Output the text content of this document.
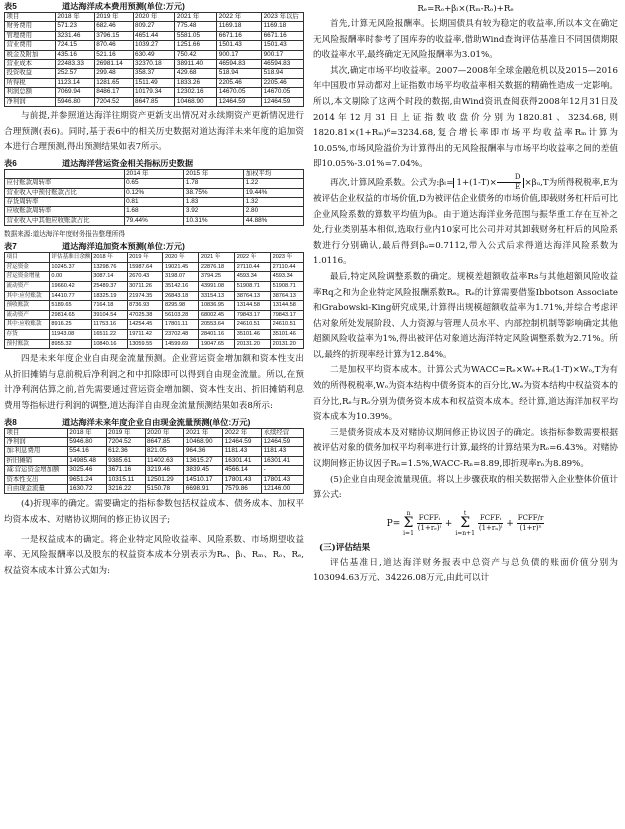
表5	道达海洋成本费用预测(单位:万元)
项目	2018 年	2019 年	2020 年	2021 年	2022 年	2023 年以后
财务费用	571.23	682.46	809.27	775.48	1169.18	1169.18
管理费用	3231.46	3796.15	4651.44	5581.05	6671.16	6671.16
营业费用	724.15	870.46	1039.27	1251.66	1501.43	1501.43
税金及附加	435.16	521.16	630.49	750.42	900.17	900.17
营业成本	22483.33	26981.14	32370.18	38911.40	46594.83	46594.83
投资收益	252.57	299.48	358.37	429.68	518.94	518.94
所得税	1123.14	1281.65	1511.49	1833.26	2205.46	2205.46
利润总额	7069.94	8486.17	10179.34	12302.16	14670.05	14670.05
净利润	5946.80	7204.52	8647.85	10468.90	12464.59	12464.59

与前提,并参照道达海洋往期资产更新支出情况对永续期资产更新情况进行合理预测(表6)。同时,基于表6中的相关历史数据对道达海洋未来年度的追加资本进行合理预测,得出预测结果如表7所示。

表6	道达海洋营运资金相关指标历史数据
	2014 年	2015 年	加权平均
应付账款周转率	0.65	1.78	1.22
营业收入中预付账款占比	0.12%	38.75%	19.44%
存货周转率	0.81	1.83	1.32
应收账款周转率	1.68	3.92	2.80
营业收入中其他应收账款占比	79.44%	10.31%	44.88%

数据来源:道达海洋年度财务报告整理所得

表7	道达海洋追加资本预测(单位:万元)
项目	评估基准日余额	2018 年	2019 年	2020 年	2021 年	2022 年	2023 年
营运资金	10245.37	13298.76	15987.64	19021.45	22876.18	27110.44	27110.44
营运资金增量	0.00	3087.14	2670.43	3198.07	3794.25	4593.34	4593.34
流动资产	19660.42	25489.37	30711.26	35142.16	43991.08	51908.71	51908.71
其中:应付账款	14410.77	18325.19	21974.35	26843.18	33154.13	38764.13	38764.13
预收账款	5189.65	7164.18	8736.93	8295.98	10836.95	13144.58	13144.58
流动资产	29814.65	39104.54	47025.38	56103.28	68002.45	79843.17	79843.17
其中:应收账款	8916.25	11753.16	14254.45	17801.11	20553.64	24610.51	24610.51
存货	11943.08	16511.22	19711.42	23702.48	28401.16	35101.46	35101.46
预付账款	8955.32	10840.16	13059.55	14599.69	19047.65	20131.20	20131.20

四是未来年度企业自由现金流量预测。企业营运资金增加额和资本性支出从折旧摊销与息前税后净利润之和中扣除即可以得到自由现金流量。所以,在预计净利润估算之前,首先需要通过营运资金增加额、资本性支出、折旧摊销利息费用等指标进行利润的调整,道达海洋自由现金流量预测结果如表8所示:

表8	道达海洋未来年度企业自由现金流量预测(单位:万元)
项目	2018 年	2019 年	2020 年	2021 年	2022 年	永续经营
净利润	5946.80	7204.52	8647.85	10468.90	12464.59	12464.59
加:利息费用	554.16	612.36	821.05	964.36	1181.43	1181.43
折旧摊销	14985.48	9385.61	11402.63	13615.27	16301.41	16301.41
减:营运资金增加额	3025.46	3671.16	3219.46	3839.45	4566.14	-
资本性支出	9651.24	10315.11	12501.29	14510.17	17801.43	17801.43
自由现金流量	1630.72	3216.22	5150.78	6698.91	7579.86	12146.00

(4)折现率的确定。需要确定的指标参数包括权益成本、债务成本、加权平均资本成本、对赌协议期间的修正协议因子;

一是权益成本的确定。将企业特定风险收益率、风险系数、市场期望收益率、无风险报酬率以及股东的权益资本成本分别表示为Rₑ、βₗ、Rₘ、Rₒ、Rₑ,权益资本成本计算公式如为:

Rₑ=Rₒ+βₗ×(Rₘ-Rₒ)+Rₑ

首先,计算无风险报酬率。长期国债具有较为稳定的收益率,所以本文在确定无风险报酬率时参考了国库券的收益率,借助Wind查询评估基准日不同国债期限的收益率水平,最终确定无风险报酬率为3.01%。

其次,确定市场平均收益率。2007—2008年全球金融危机以及2015—2016年中国股市异动都对上证指数市场平均收益率相关数据的精确性造成一定影响。所以,本文剔除了这两个时段的数据,由Wind资讯查阅获得2008年12月31日及2014年12月31日上证指数收盘价分别为1820.81、3234.68,则1820.81×(1+Rₘ)⁶=3234.68,复合增长率即市场平均收益率Rₘ计算为10.05%,市场风险溢价为计算得出的无风险报酬率与市场平均收益率之间的差值即10.05%-3.01%=7.04%。

再次,计算风险系数。公式为:βₗ= $1+(1-T)\times \frac{D}{E}$ ×βᵤ,T为所得税税率,E为被评估企业权益的市场价值,D为被评估企业债务的市场价值,即载财务杠杆后可比企业风险系数的算数平均值为βₗ。由于道达海洋业务范围与振华重工存在互补之处,行业类别基本相似,选取行业内10家可比公司并对其卸载财务杠杆后的风险系数进行分别确认,最后得到βᵤ=0.7112,带入公式后求得道达海洋风险系数为1.0116。

最后,特定风险调整系数的确定。规模差超额收益率Rs与其他超额风险收益率Rq之和为企业特定风险报酬系数Rₑ。Rₑ的计算需要借鉴Ibbotson Associate和Grabowski-King研究成果,计算得出规模超额收益率为1.71%,并综合考虑评估对象所处发展阶段、人力资源与管理人员水平、内部控制机制等影响确定其他超额风险收益率为1%,得出被评估对象道达海洋特定风险调整系数为2.71%。所以,最终的折现率经计算为12.84%。

二是加权平均资本成本。计算公式为WACC=Rₑ×Wₑ+Rₒ(1-T)×Wₒ,T为有效的所得税税率,Wₒ为资本结构中债务资本的百分比,Wₑ为资本结构中权益资本的百分比,Rₑ与Rₒ分别为债务资本成本和权益资本成本。经计算,道达海洋加权平均资本成本为10.39%。

三是债务资成本及对赌协议期间修正协议因子的确定。该指标参数需要根据被评估对象的债务加权平均利率进行计算,最终的计算结果为Rₒ=6.43%。对赌协议期间修正协议因子Rₙ=1.5%,WACC-Rₙ=8.89,即折现率rₙ为8.89%。

(5)企业自由现金流量现值。将以上步骤获取的相关数据带入企业整体价值计算公式:

P=
n
Σ
i=1

$\frac{\text{FCFFᵢ}}{\text{(1+rₑ)ⁱ}}$ +
t
Σ
i=n+1

$\frac{\text{FCFFᵢ}}{\text{(1+rₙ)ⁱ}} + \frac{\text{FCFF/r}}{\text{(1+r)ⁿ}}$

(三)评估结果

评估基准日,道达海洋财务报表中总资产与总负债的账面价值分别为103094.63万元、34226.08万元,由此可以计
